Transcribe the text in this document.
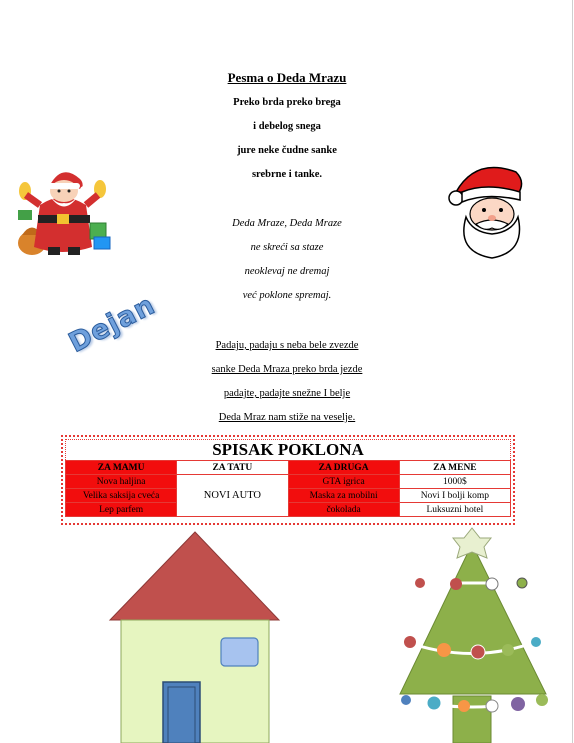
Pesma o Deda Mrazu
Preko brda preko brega
i debelog snega
jure neke čudne sanke
srebrne i tanke.
Deda Mraze, Deda Mraze
ne skreći sa staze
neoklevaj ne dremaj
već poklone spremaj.
Padaju, padaju s neba bele zvezde
sanke Deda Mraza preko brda jezde
padajte, padajte snežne I belje
Deda Mraz nam stiže na veselje.
Dejan
SPISAK POKLONA			
ZA MAMU	ZA TATU	ZA DRUGA	ZA MENE
Nova haljina	NOVI AUTO	GTA igrica	1000$
Velika saksija cveća		Maska za mobilni	Novi I bolji komp
Lep parfem		čokolada	Luksuzni hotel
